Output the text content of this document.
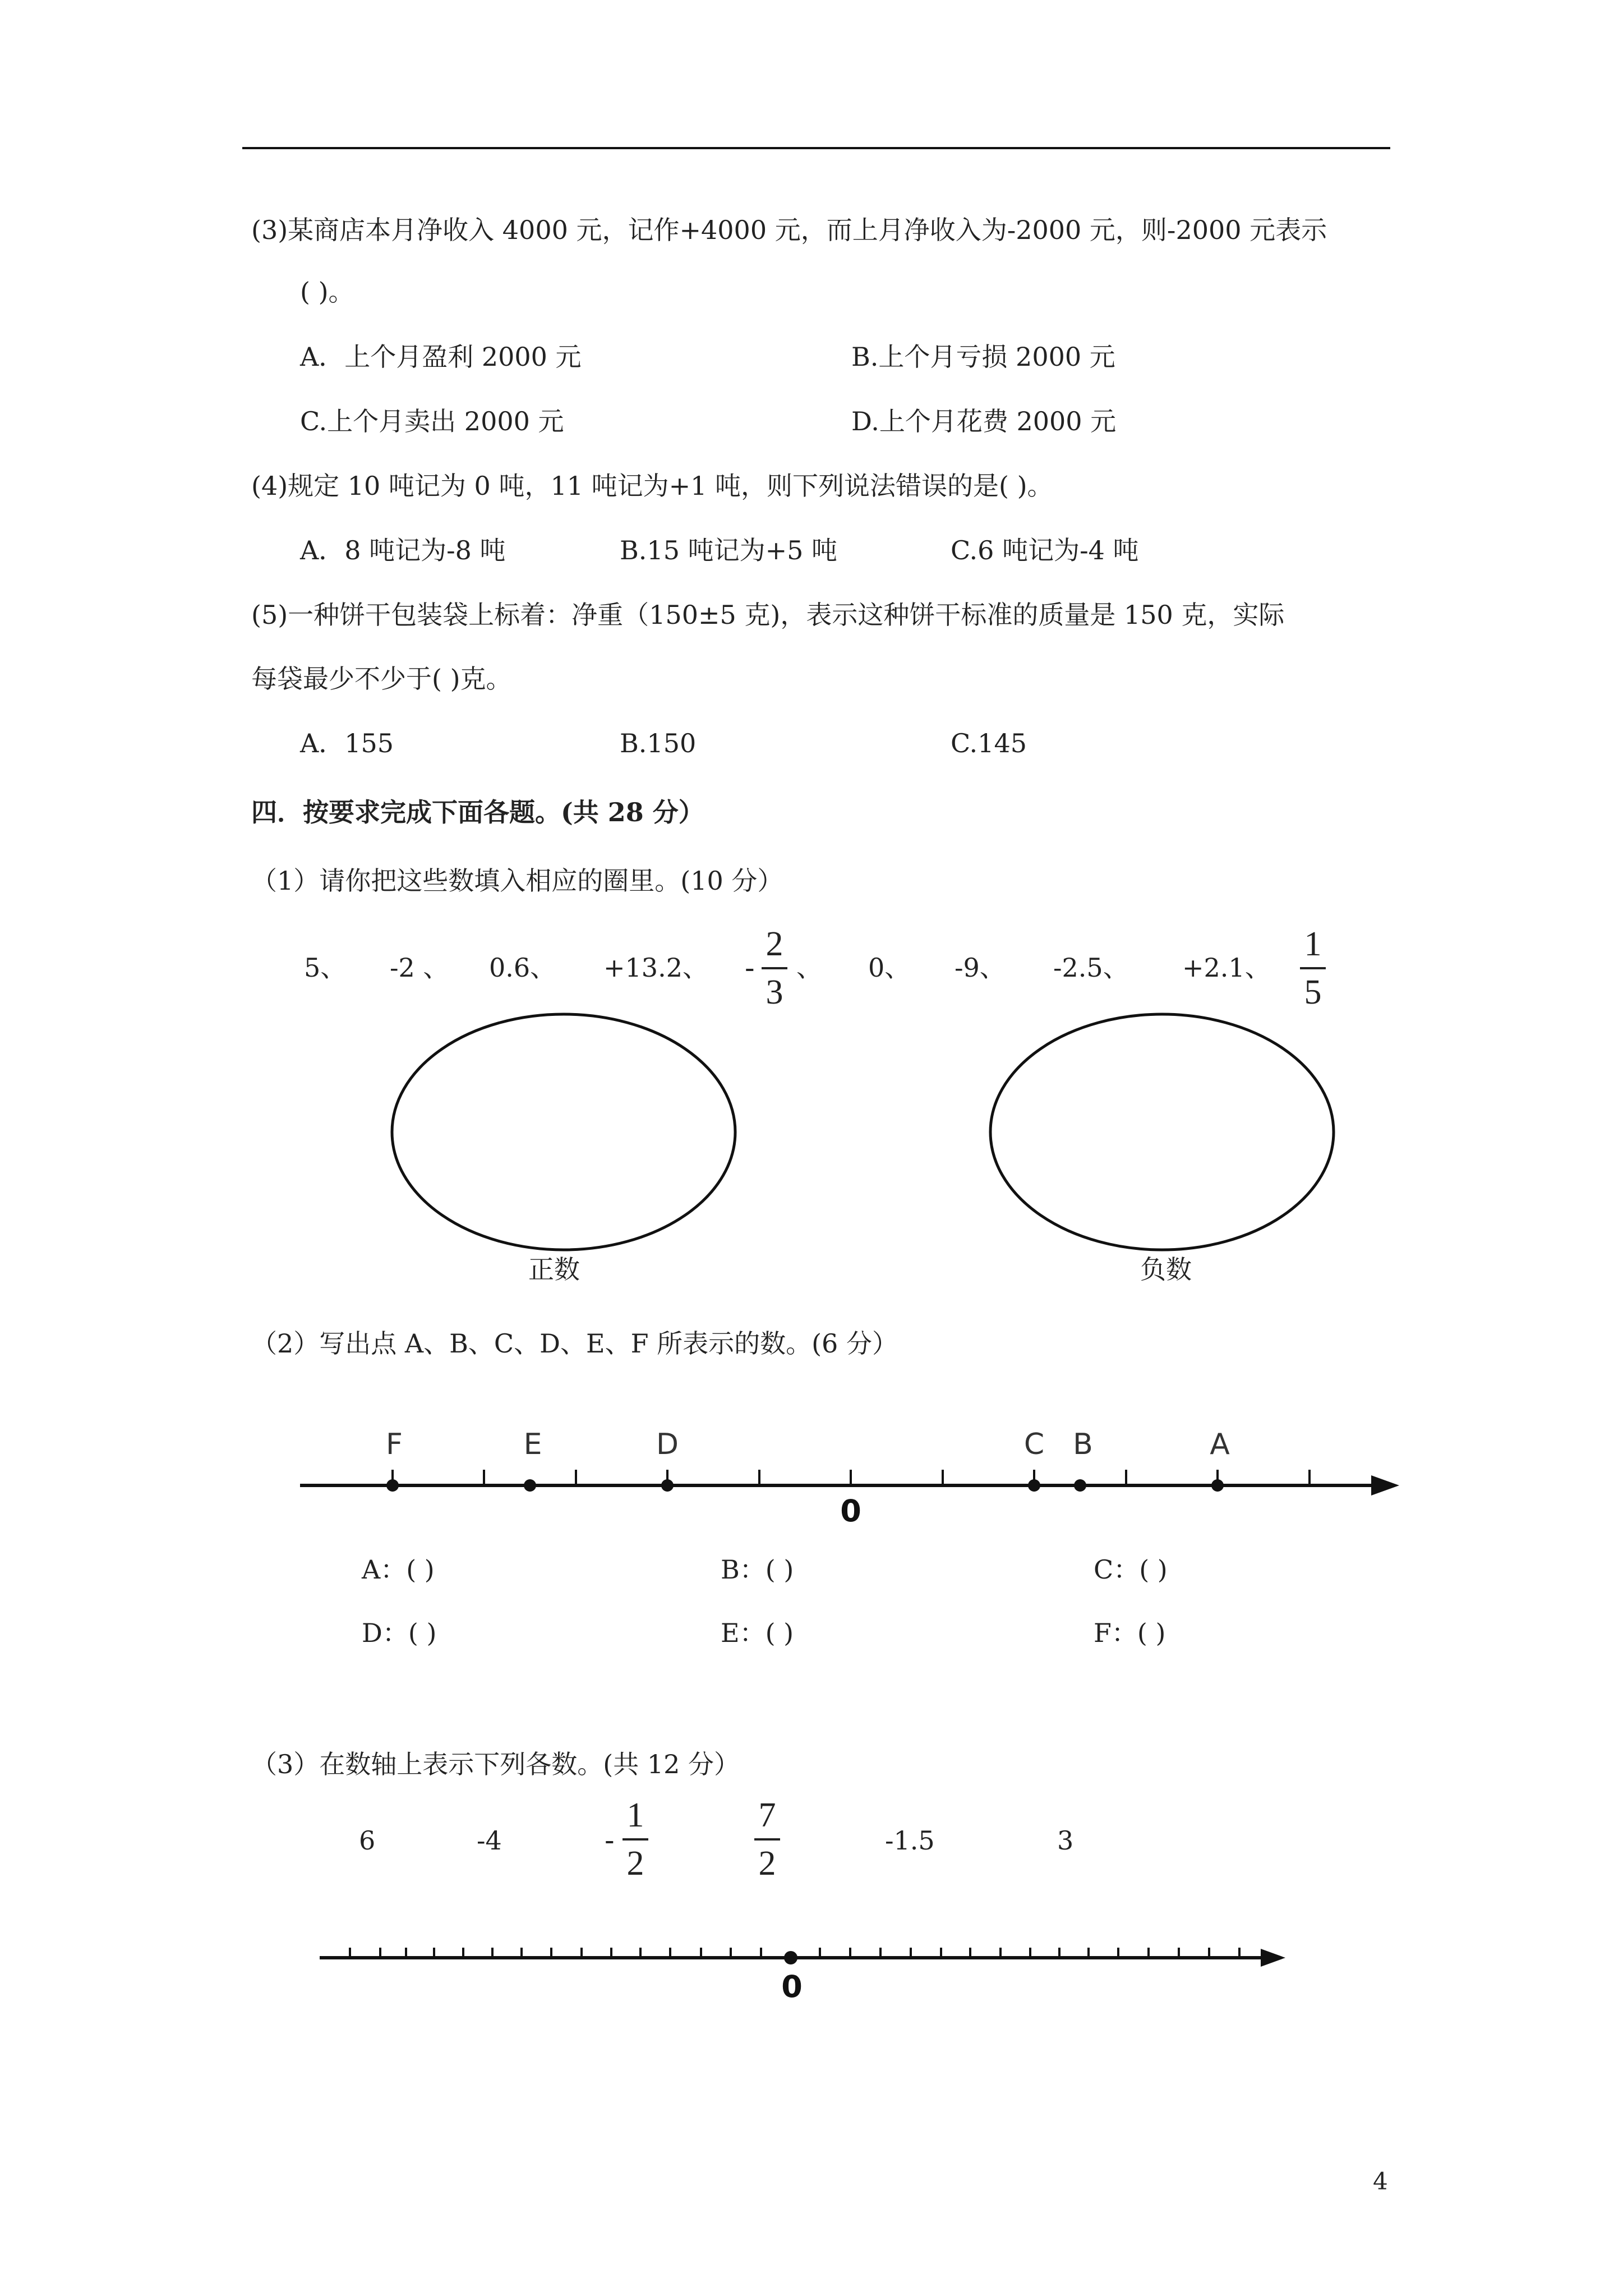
(3)某商店本月净收入 4000 元，记作+4000 元，而上月净收入为-2000 元，则-2000 元表示
( )。
A．上个月盈利 2000 元	B.上个月亏损 2000 元
C.上个月卖出 2000 元	D.上个月花费 2000 元
(4)规定 10 吨记为 0 吨，11 吨记为+1 吨，则下列说法错误的是( )。
A．8 吨记为-8 吨	B.15 吨记为+5 吨	C.6 吨记为-4 吨
(5)一种饼干包装袋上标着：净重（150±5 克)，表示这种饼干标准的质量是 150 克，实际
每袋最少不少于( )克。
A．155	B.150	C.145
四．按要求完成下面各题。(共 28 分）
（1）请你把这些数填入相应的圈里。(10 分）
5、 -2 、 0.6、 +13.2、 -
2
3
、 0、 -9、 -2.5、 +2.1、
1
5
F	E	D	C B	A
0
0
正数	负数
（2）写出点 A、B、C、D、E、F 所表示的数。(6 分）
A：( )	B：( )	C：( )
D：( )	E：( )	F：( )
（3）在数轴上表示下列各数。(共 12 分）
6	-4	-
1
2
7
2
-1.5	3
4
